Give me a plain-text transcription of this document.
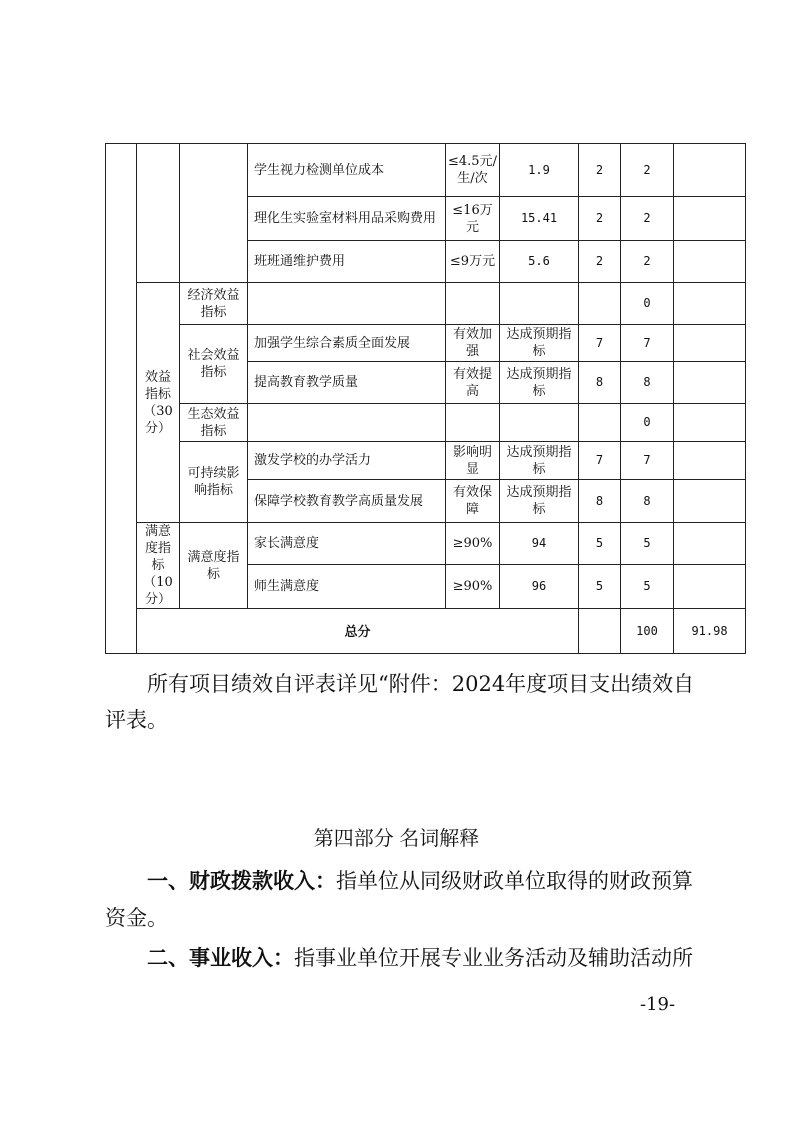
			学生视力检测单位成本	≤4.5元/生/次	1.9	2	2		
			理化生实验室材料用品采购费用	≤16万元	15.41	2	2		
			班班通维护费用	≤9万元	5.6	2	2		
	效益指标（30分）	经济效益指标					0		
		社会效益指标	加强学生综合素质全面发展	有效加强	达成预期指标	7	7		
			提高教育教学质量	有效提高	达成预期指标	8	8		
		生态效益指标					0		
		可持续影响指标	激发学校的办学活力	影响明显	达成预期指标	7	7		
			保障学校教育教学高质量发展	有效保障	达成预期指标	8	8		
	满意度指标（10分）	满意度指标	家长满意度	≥90%	94	5	5		
			师生满意度	≥90%	96	5	5		
	总分						100	91.98	
所有项目绩效自评表详见“附件：2024年度项目支出绩效自评表。
第四部分 名词解释
一、财政拨款收入：指单位从同级财政单位取得的财政预算资金。
二、事业收入：指事业单位开展专业业务活动及辅助活动所
-19-
